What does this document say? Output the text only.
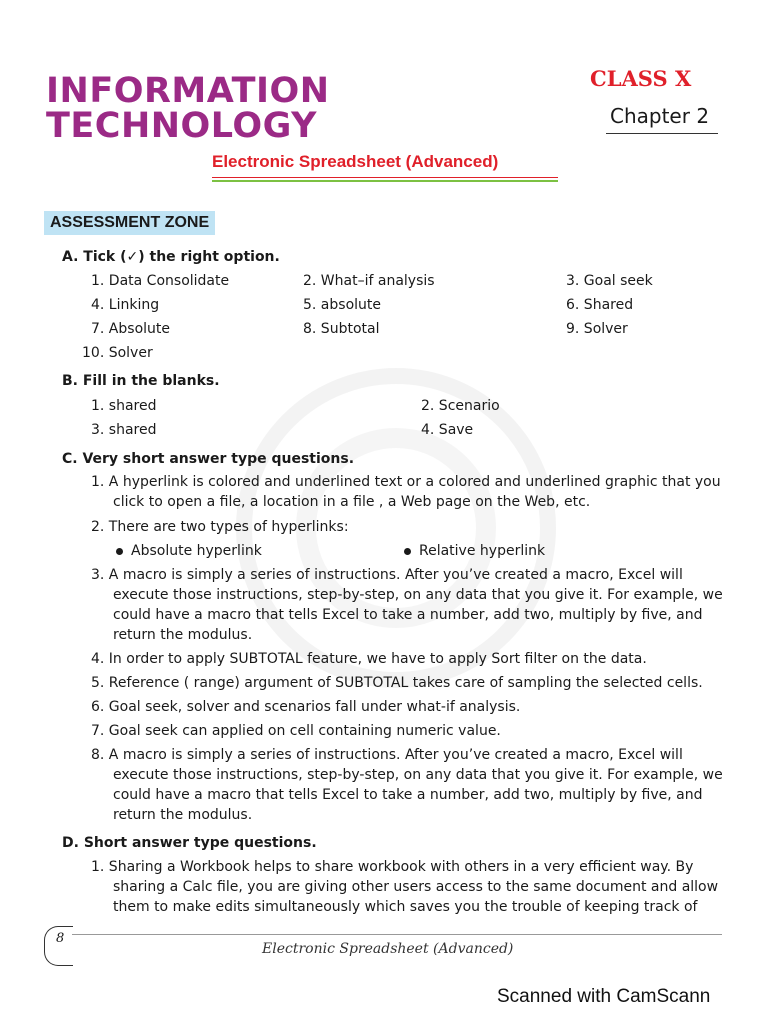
INFORMATION
TECHNOLOGY
CLASS X
Chapter 2
Electronic Spreadsheet (Advanced)
ASSESSMENT ZONE
A. Tick (✓) the right option.
1. Data Consolidate	2. What–if analysis	3. Goal seek
4. Linking	5. absolute	6. Shared
7. Absolute	8. Subtotal	9. Solver
10. Solver
B. Fill in the blanks.
1. shared	2. Scenario
3. shared	4. Save
C. Very short answer type questions.
1. A hyperlink is colored and underlined text or a colored and underlined graphic that you
click to open a file, a location in a file , a Web page on the Web, etc.
2. There are two types of hyperlinks:
Absolute hyperlink	Relative hyperlink
3. A macro is simply a series of instructions. After you’ve created a macro, Excel will
execute those instructions, step-by-step, on any data that you give it. For example, we
could have a macro that tells Excel to take a number, add two, multiply by five, and
return the modulus.
4. In order to apply SUBTOTAL feature, we have to apply Sort filter on the data.
5. Reference ( range) argument of SUBTOTAL takes care of sampling the selected cells.
6. Goal seek, solver and scenarios fall under what-if analysis.
7. Goal seek can applied on cell containing numeric value.
8. A macro is simply a series of instructions. After you’ve created a macro, Excel will
execute those instructions, step-by-step, on any data that you give it. For example, we
could have a macro that tells Excel to take a number, add two, multiply by five, and
return the modulus.
D. Short answer type questions.
1. Sharing a Workbook helps to share workbook with others in a very efficient way. By
sharing a Calc file, you are giving other users access to the same document and allow
them to make edits simultaneously which saves you the trouble of keeping track of
8
Electronic Spreadsheet (Advanced)
Scanned with CamScann
